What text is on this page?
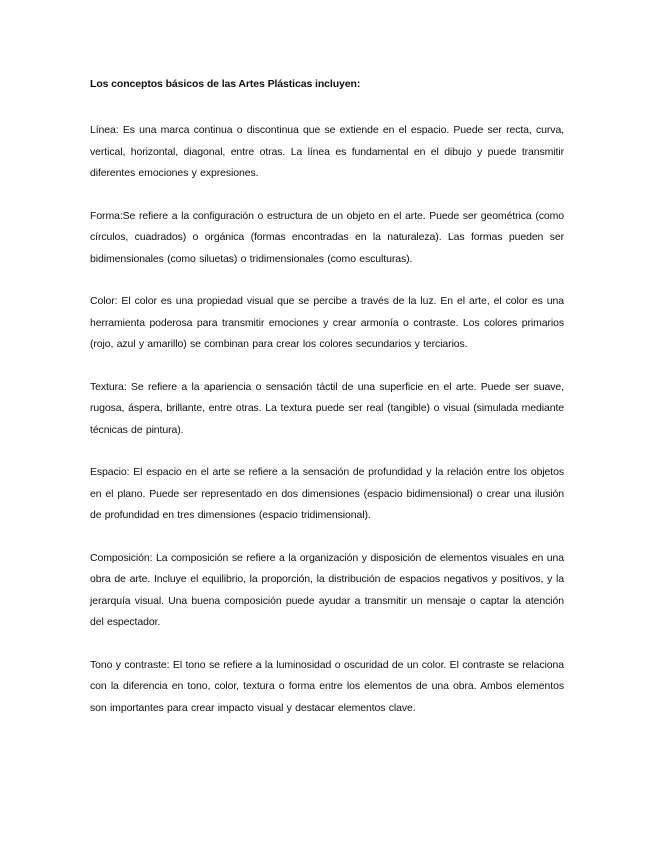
Los conceptos básicos de las Artes Plásticas incluyen:

Línea: Es una marca continua o discontinua que se extiende en el espacio. Puede ser recta, curva, vertical, horizontal, diagonal, entre otras. La línea es fundamental en el dibujo y puede transmitir diferentes emociones y expresiones.

Forma:Se refiere a la configuración o estructura de un objeto en el arte. Puede ser geométrica (como círculos, cuadrados) o orgánica (formas encontradas en la naturaleza). Las formas pueden ser bidimensionales (como siluetas) o tridimensionales (como esculturas).

Color: El color es una propiedad visual que se percibe a través de la luz. En el arte, el color es una herramienta poderosa para transmitir emociones y crear armonía o contraste. Los colores primarios (rojo, azul y amarillo) se combinan para crear los colores secundarios y terciarios.

Textura: Se refiere a la apariencia o sensación táctil de una superficie en el arte. Puede ser suave, rugosa, áspera, brillante, entre otras. La textura puede ser real (tangible) o visual (simulada mediante técnicas de pintura).

Espacio: El espacio en el arte se refiere a la sensación de profundidad y la relación entre los objetos en el plano. Puede ser representado en dos dimensiones (espacio bidimensional) o crear una ilusión de profundidad en tres dimensiones (espacio tridimensional).

Composición: La composición se refiere a la organización y disposición de elementos visuales en una obra de arte. Incluye el equilibrio, la proporción, la distribución de espacios negativos y positivos, y la jerarquía visual. Una buena composición puede ayudar a transmitir un mensaje o captar la atención del espectador.

Tono y contraste: El tono se refiere a la luminosidad o oscuridad de un color. El contraste se relaciona con la diferencia en tono, color, textura o forma entre los elementos de una obra. Ambos elementos son importantes para crear impacto visual y destacar elementos clave.
